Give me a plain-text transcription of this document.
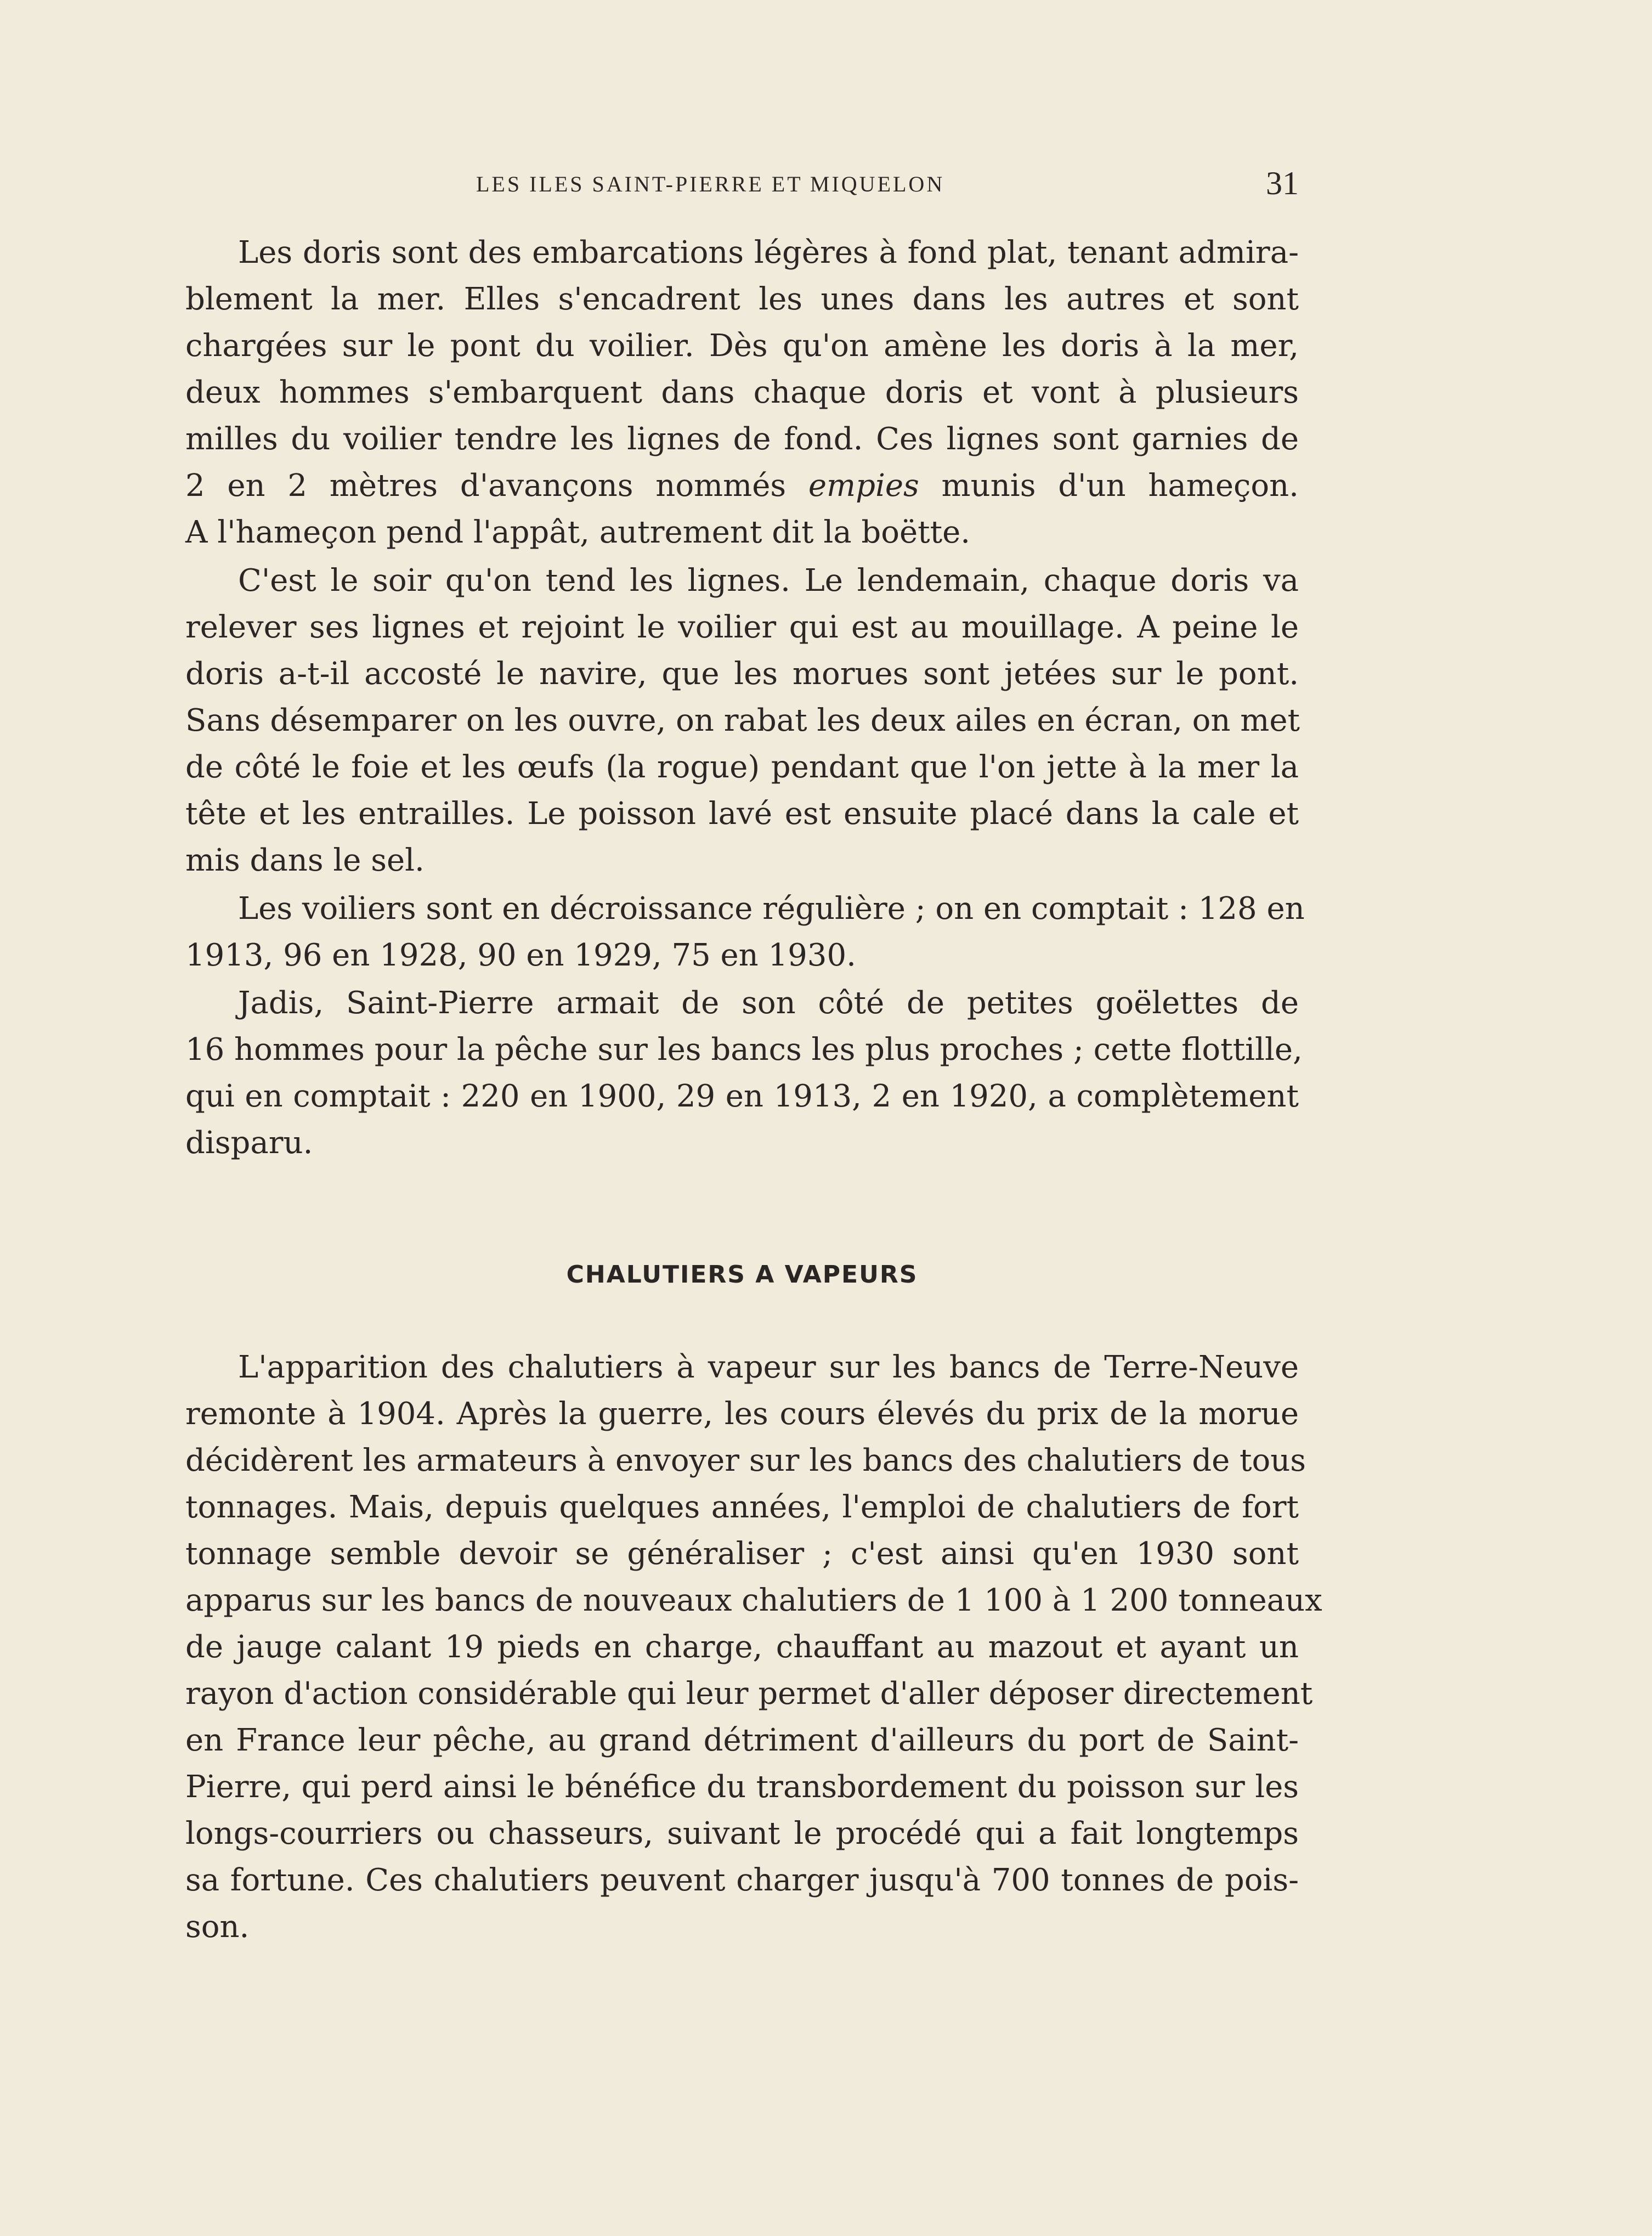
LES ILES SAINT-PIERRE ET MIQUELON	31
Les doris sont des embarcations légères à fond plat, tenant admira-
blement la mer. Elles s'encadrent les unes dans les autres et sont
chargées sur le pont du voilier. Dès qu'on amène les doris à la mer,
deux hommes s'embarquent dans chaque doris et vont à plusieurs
milles du voilier tendre les lignes de fond. Ces lignes sont garnies de
2 en 2 mètres d'avançons nommés empies munis d'un hameçon.
A l'hameçon pend l'appât, autrement dit la boëtte.
C'est le soir qu'on tend les lignes. Le lendemain, chaque doris va
relever ses lignes et rejoint le voilier qui est au mouillage. A peine le
doris a-t-il accosté le navire, que les morues sont jetées sur le pont.
Sans désemparer on les ouvre, on rabat les deux ailes en écran, on met
de côté le foie et les œufs (la rogue) pendant que l'on jette à la mer la
tête et les entrailles. Le poisson lavé est ensuite placé dans la cale et
mis dans le sel.
Les voiliers sont en décroissance régulière ; on en comptait : 128 en
1913, 96 en 1928, 90 en 1929, 75 en 1930.
Jadis, Saint-Pierre armait de son côté de petites goëlettes de
16 hommes pour la pêche sur les bancs les plus proches ; cette flottille,
qui en comptait : 220 en 1900, 29 en 1913, 2 en 1920, a complètement
disparu.
CHALUTIERS A VAPEURS
L'apparition des chalutiers à vapeur sur les bancs de Terre-Neuve
remonte à 1904. Après la guerre, les cours élevés du prix de la morue
décidèrent les armateurs à envoyer sur les bancs des chalutiers de tous
tonnages. Mais, depuis quelques années, l'emploi de chalutiers de fort
tonnage semble devoir se généraliser ; c'est ainsi qu'en 1930 sont
apparus sur les bancs de nouveaux chalutiers de 1 100 à 1 200 tonneaux
de jauge calant 19 pieds en charge, chauffant au mazout et ayant un
rayon d'action considérable qui leur permet d'aller déposer directement
en France leur pêche, au grand détriment d'ailleurs du port de Saint-
Pierre, qui perd ainsi le bénéfice du transbordement du poisson sur les
longs-courriers ou chasseurs, suivant le procédé qui a fait longtemps
sa fortune. Ces chalutiers peuvent charger jusqu'à 700 tonnes de pois-
son.
